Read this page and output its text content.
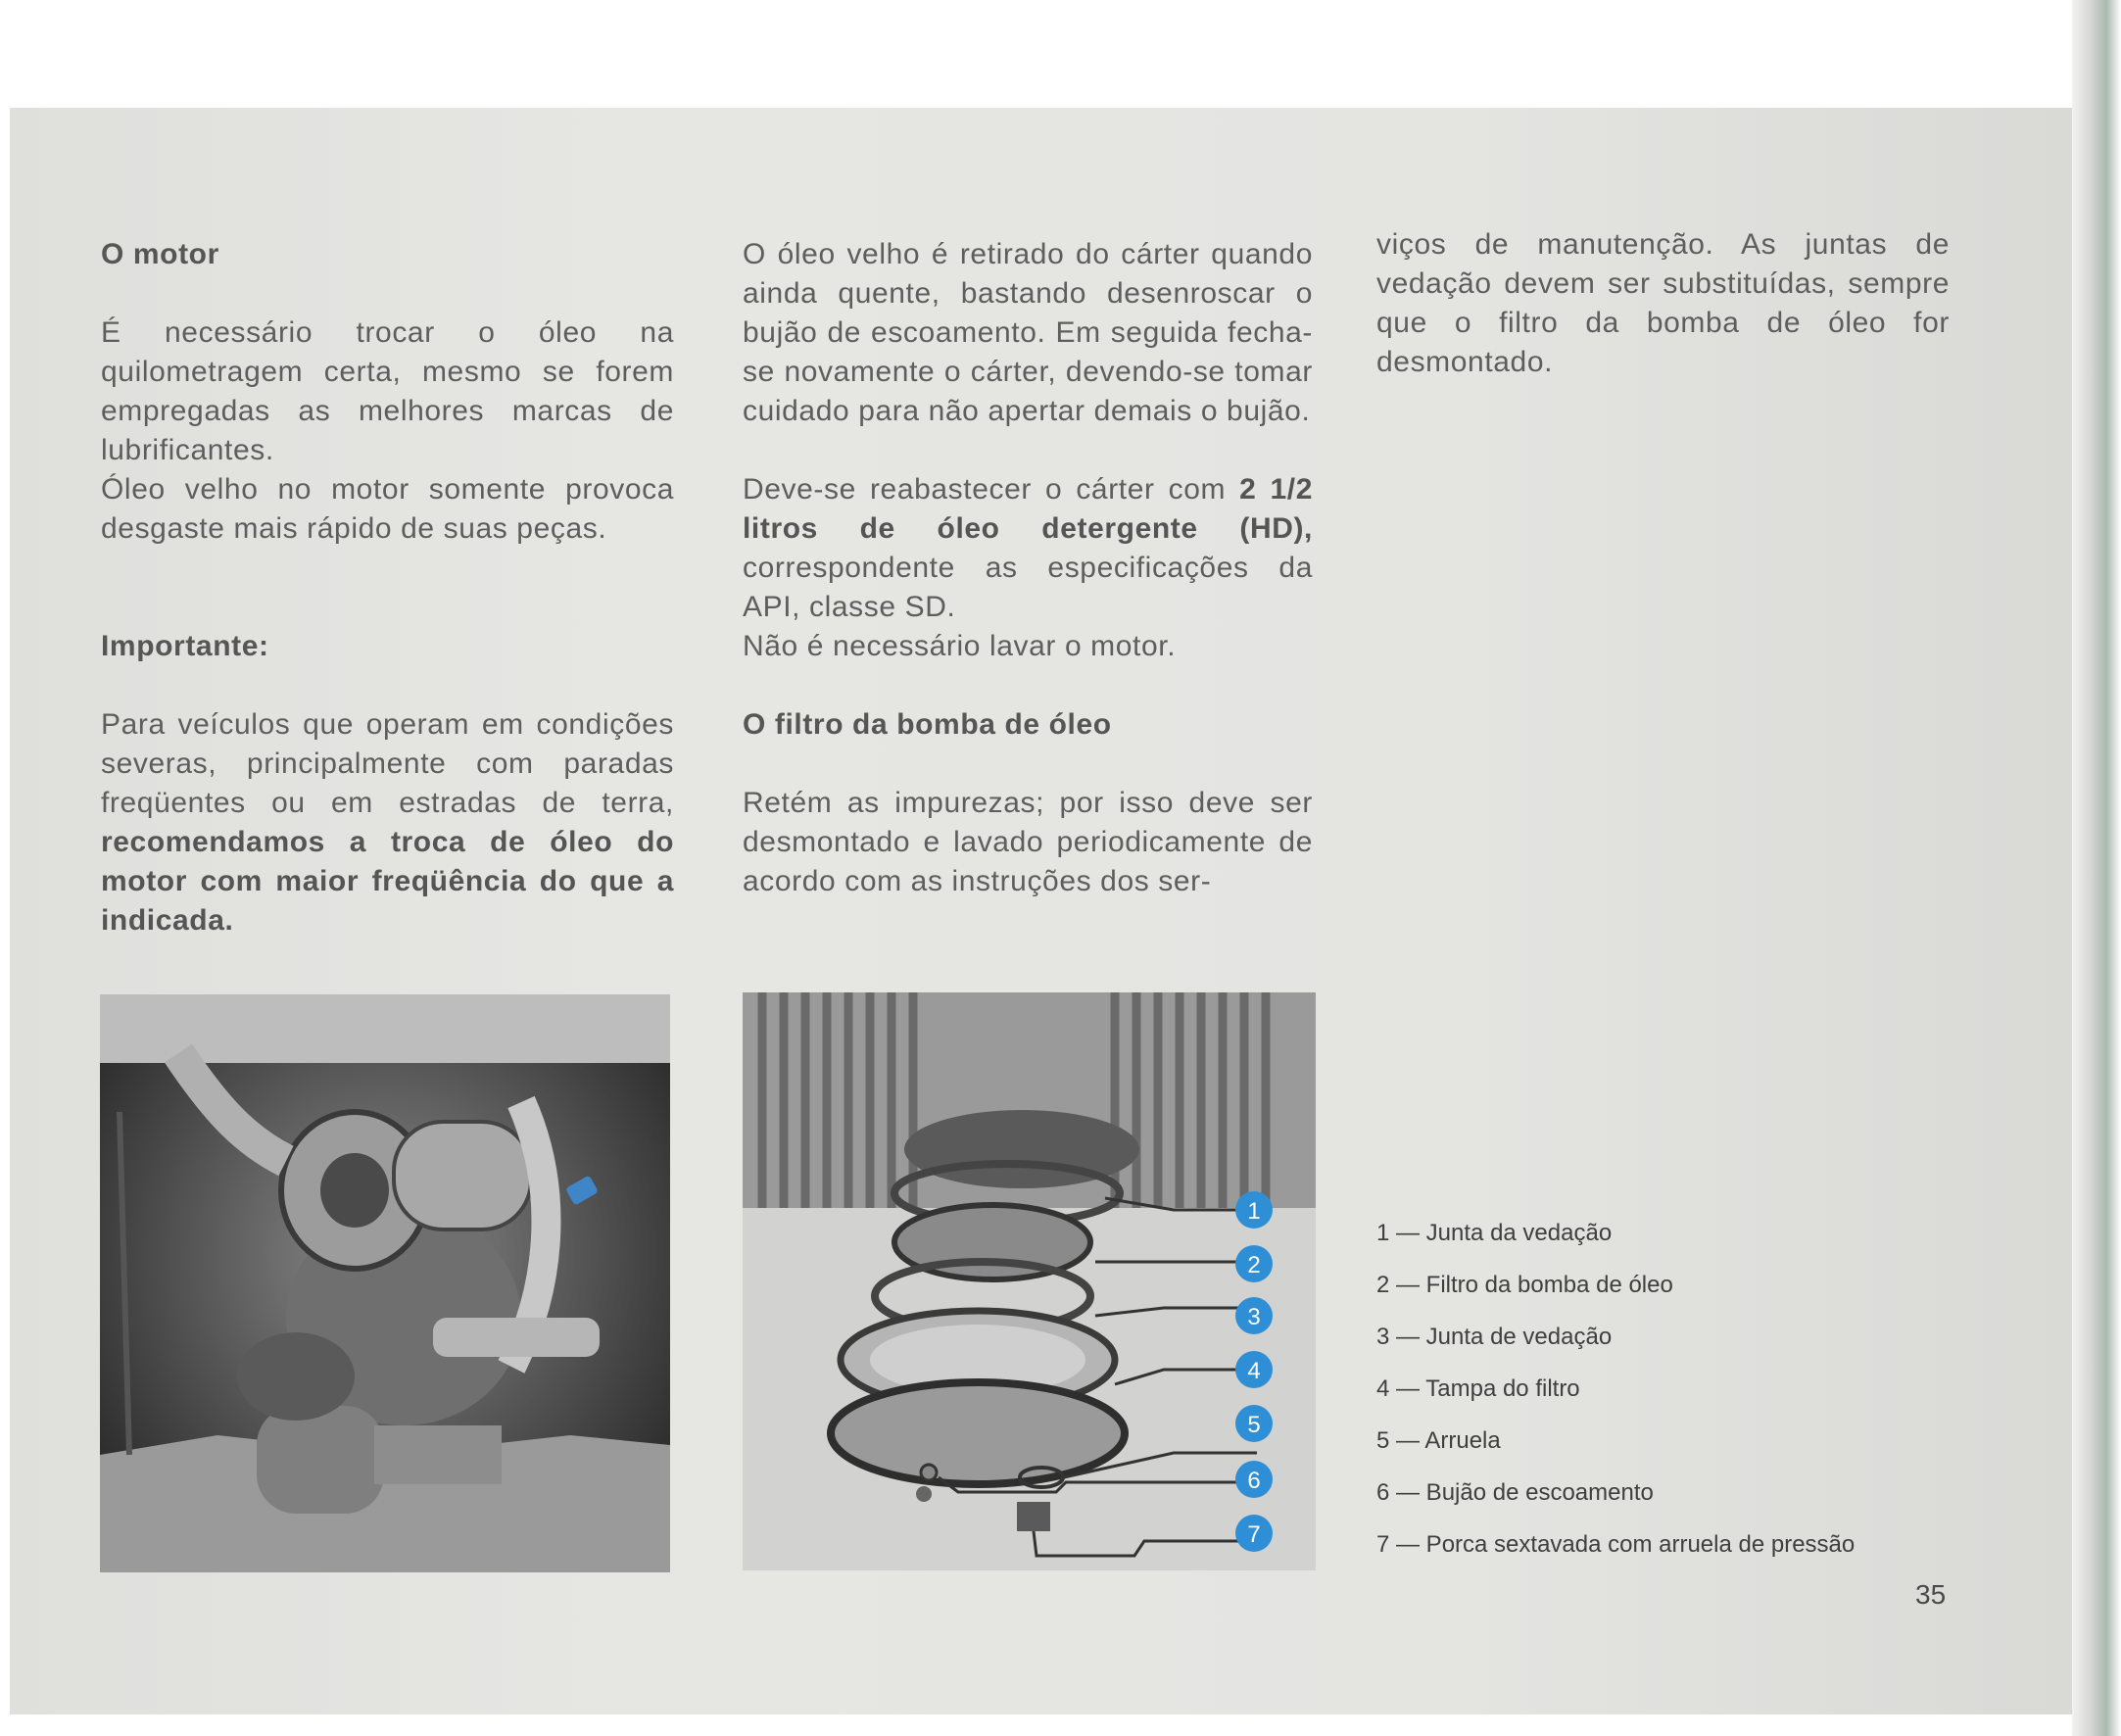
O motor

É necessário trocar o óleo na quilometragem certa, mesmo se forem empregadas as melhores marcas de lubrificantes.

Óleo velho no motor somente provoca desgaste mais rápido de suas peças.

Importante:

Para veículos que operam em condições severas, principalmente com paradas freqüentes ou em estradas de terra, recomendamos a troca de óleo do motor com maior freqüência do que a indicada.

O óleo velho é retirado do cárter quando ainda quente, bastando desenroscar o bujão de escoamento. Em seguida fecha-se novamente o cárter, devendo-se tomar cuidado para não apertar demais o bujão.

Deve-se reabastecer o cárter com 2 1/2 litros de óleo detergente (HD), correspondente as especificações da API, classe SD.

Não é necessário lavar o motor.

O filtro da bomba de óleo

Retém as impurezas; por isso deve ser desmontado e lavado periodicamente de acordo com as instruções dos ser-

viços de manutenção. As juntas de vedação devem ser substituídas, sempre que o filtro da bomba de óleo for desmontado.

1
2
3
4
5
6
7
1 — Junta da vedação
2 — Filtro da bomba de óleo
3 — Junta de vedação
4 — Tampa do filtro
5 — Arruela
6 — Bujão de escoamento
7 — Porca sextavada com arruela de pressão
35
